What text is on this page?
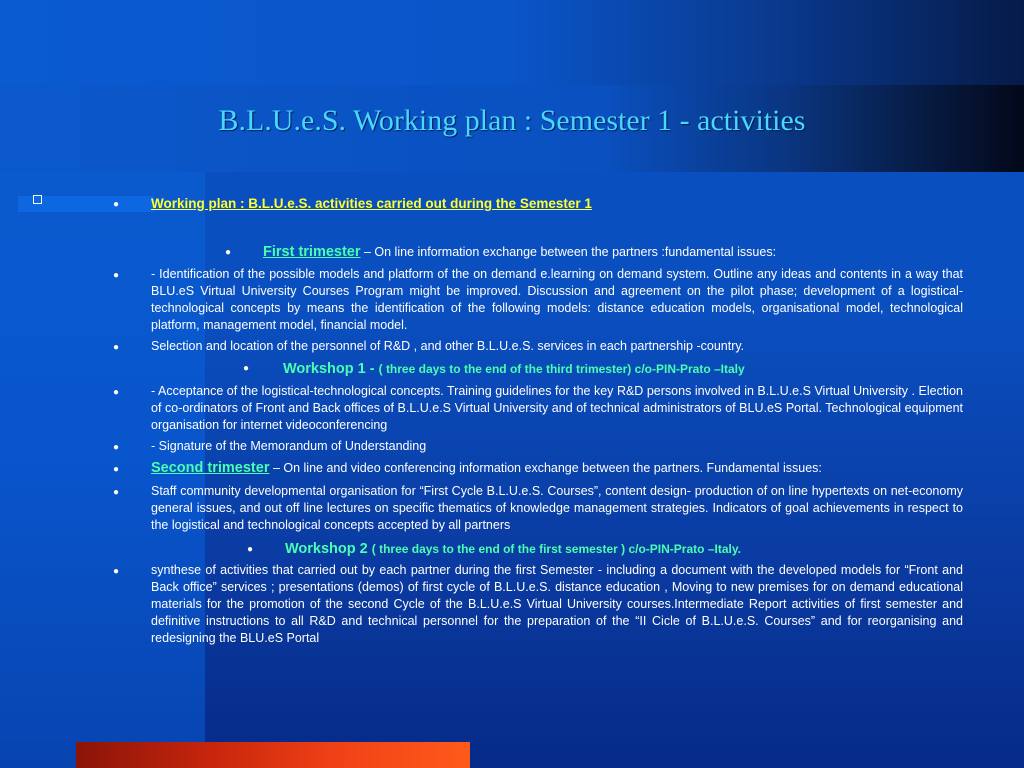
B.L.U.e.S. Working plan : Semester 1 - activities
● Working plan : B.L.U.e.S. activities carried out during the Semester 1
● First trimester – On line information exchange between the partners :fundamental issues:
●	- Identification of the possible models and platform of the on demand e.learning on demand system. Outline any ideas and contents in a way that BLU.eS Virtual University Courses Program might be improved. Discussion and agreement on the pilot phase; development of a logistical-technological concepts by means the identification of the following models: distance education models, organisational model, technological platform, management model, financial model.
●	Selection and location of the personnel of R&D , and other B.L.U.e.S. services in each partnership -country.
● Workshop 1 - ( three days to the end of the third trimester) c/o-PIN-Prato –Italy
●	- Acceptance of the logistical-technological concepts. Training guidelines for the key R&D persons involved in B.L.U.e.S Virtual University . Election of co-ordinators of Front and Back offices of B.L.U.e.S Virtual University and of technical administrators of BLU.eS Portal. Technological equipment organisation for internet videoconferencing
●	- Signature of the Memorandum of Understanding
● Second trimester – On line and video conferencing information exchange between the partners. Fundamental issues:
●	Staff community developmental organisation for “First Cycle B.L.U.e.S. Courses”, content design- production of on line hypertexts on net-economy general issues, and out off line lectures on specific thematics of knowledge management strategies. Indicators of goal achievements in respect to the logistical and technological concepts accepted by all partners
● Workshop 2 ( three days to the end of the first semester ) c/o-PIN-Prato –Italy.
●	synthese of activities that carried out by each partner during the first Semester - including a document with the developed models for “Front and Back office” services ; presentations (demos) of first cycle of B.L.U.e.S. distance education , Moving to new premises for on demand educational materials for the promotion of the second Cycle of the B.L.U.e.S Virtual University courses.Intermediate Report activities of first semester and definitive instructions to all R&D and technical personnel for the preparation of the “II Cicle of B.L.U.e.S. Courses” and for reorganising and redesigning the BLU.eS Portal
